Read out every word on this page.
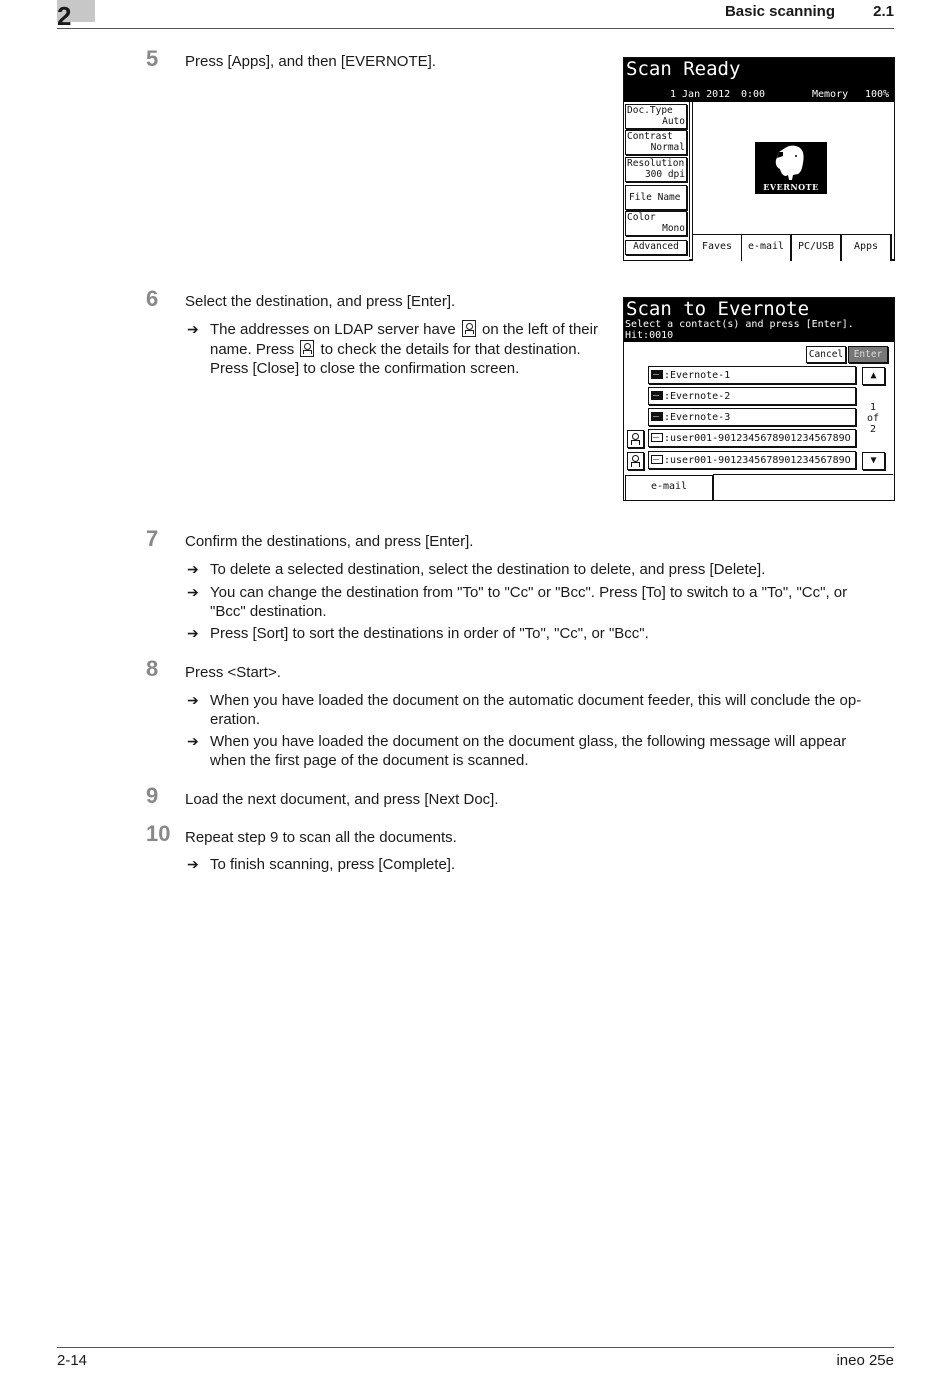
2	Basic scanning	2.1
5 Press [Apps], and then [EVERNOTE].	Scan Ready
1 Jan 2012 0:00	Memory 100%
Doc.Type
Auto
Contrast
Normal
Resolution
300 dpi
File Name
Color
Mono
Advanced
EVERNOTE
Faves	e-mail	PC/USB	Apps
6 Select the destination, and press [Enter].
➔ The addresses on LDAP server have on the left of their
name. Press to check the details for that destination.
Press [Close] to close the confirmation screen.
Scan to Evernote
Select a contact(s) and press [Enter].
Hit:0010
Cancel	Enter
:Evernote-1
:Evernote-2
:Evernote-3
:user001-901234567890123456789O
:user001-901234567890123456789O
▲
1
of
2
▼
e-mail
7 Confirm the destinations, and press [Enter].
➔ To delete a selected destination, select the destination to delete, and press [Delete].
➔ You can change the destination from "To" to "Cc" or "Bcc". Press [To] to switch to a "To", "Cc", or
"Bcc" destination.
➔ Press [Sort] to sort the destinations in order of "To", "Cc", or "Bcc".
8 Press <Start>.
➔ When you have loaded the document on the automatic document feeder, this will conclude the op-
eration.
➔ When you have loaded the document on the document glass, the following message will appear
when the first page of the document is scanned.
9 Load the next document, and press [Next Doc].
10 Repeat step 9 to scan all the documents.
➔ To finish scanning, press [Complete].
2-14	ineo 25e
